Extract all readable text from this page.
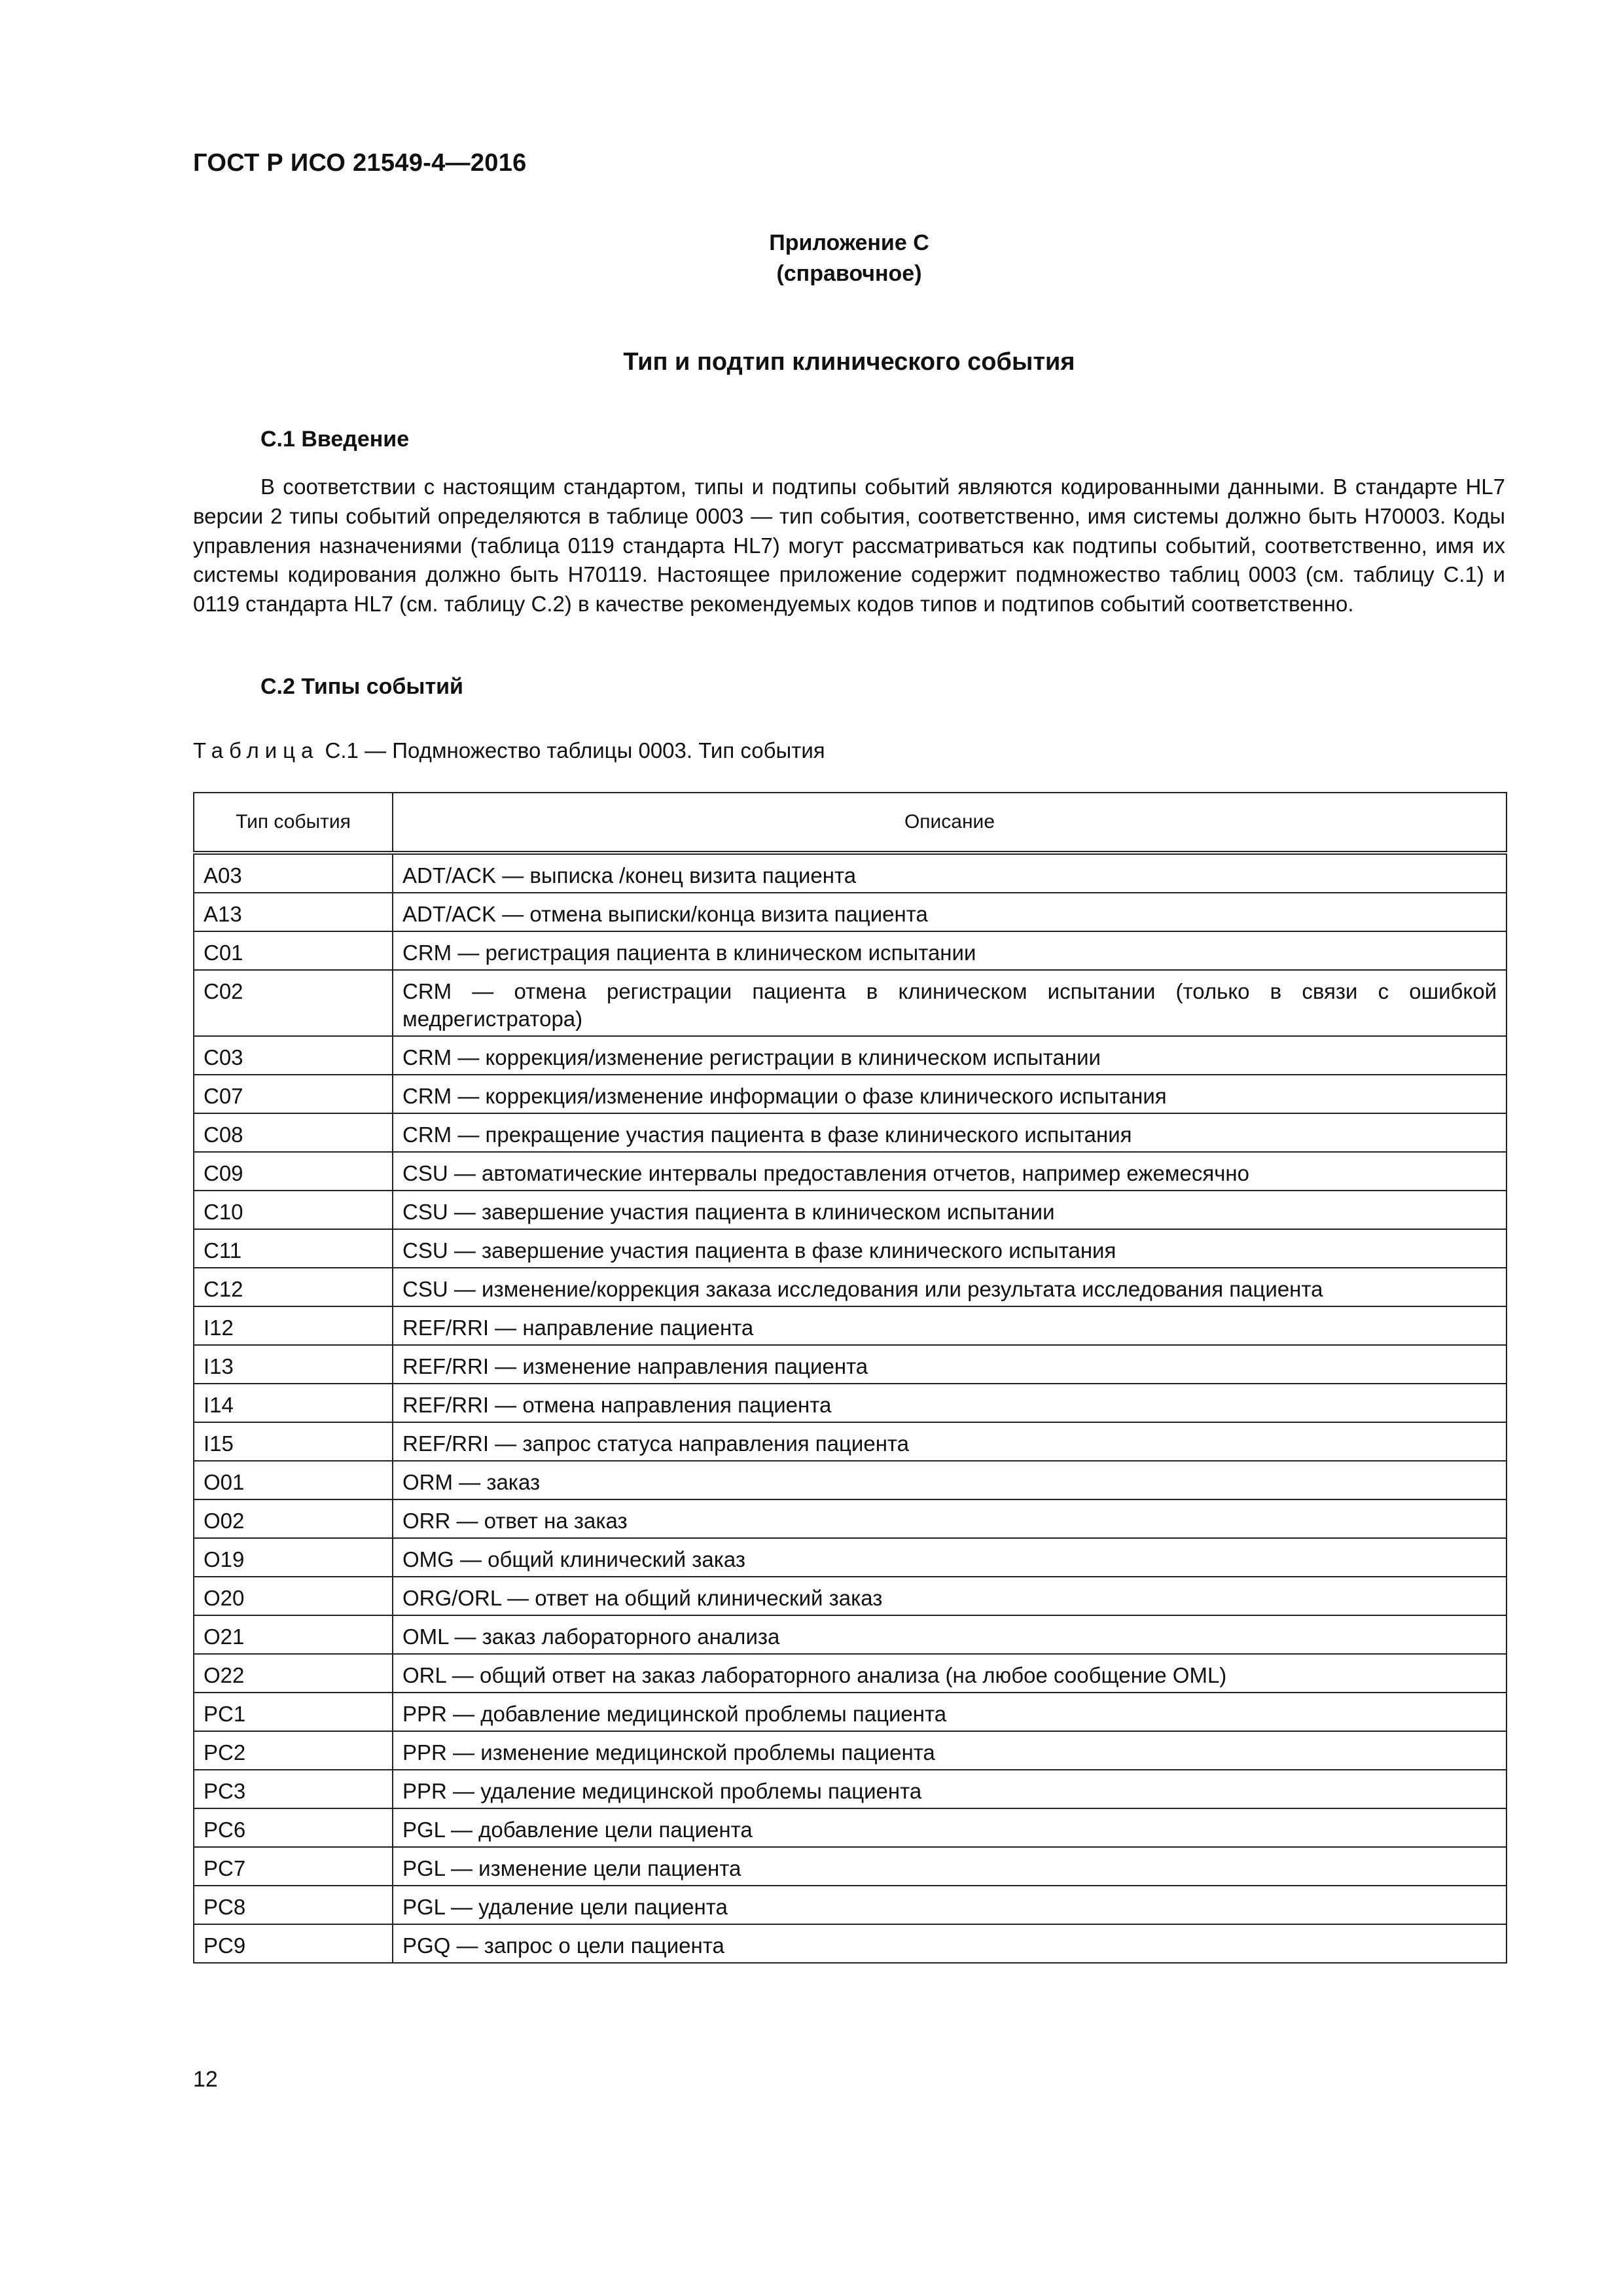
ГОСТ Р ИСО 21549-4—2016
Приложение С
(справочное)
Тип и подтип клинического события
С.1 Введение

В соответствии с настоящим стандартом, типы и подтипы событий являются кодированными данными. В стандарте HL7 версии 2 типы событий определяются в таблице 0003 — тип события, соответственно, имя системы должно быть H70003. Коды управления назначениями (таблица 0119 стандарта HL7) могут рассматриваться как подтипы событий, соответственно, имя их системы кодирования должно быть H70119. Настоящее приложение содержит подмножество таблиц 0003 (см. таблицу С.1) и 0119 стандарта HL7 (см. таблицу С.2) в качестве рекомендуемых кодов типов и подтипов событий соответственно.

С.2 Типы событий
Таблица С.1 — Подмножество таблицы 0003. Тип события
Тип события	Описание
A03	ADT/ACK — выписка /конец визита пациента
A13	ADT/ACK — отмена выписки/конца визита пациента
C01	CRM — регистрация пациента в клиническом испытании
C02	CRM — отмена регистрации пациента в клиническом испытании (только в связи с ошибкой медрегистратора)
C03	CRM — коррекция/изменение регистрации в клиническом испытании
C07	CRM — коррекция/изменение информации о фазе клинического испытания
C08	CRM — прекращение участия пациента в фазе клинического испытания
C09	CSU — автоматические интервалы предоставления отчетов, например ежемесячно
C10	CSU — завершение участия пациента в клиническом испытании
C11	CSU — завершение участия пациента в фазе клинического испытания
C12	CSU — изменение/коррекция заказа исследования или результата исследования пациента
I12	REF/RRI — направление пациента
I13	REF/RRI — изменение направления пациента
I14	REF/RRI — отмена направления пациента
I15	REF/RRI — запрос статуса направления пациента
O01	ORM — заказ
O02	ORR — ответ на заказ
O19	OMG — общий клинический заказ
O20	ORG/ORL — ответ на общий клинический заказ
O21	OML — заказ лабораторного анализа
O22	ORL — общий ответ на заказ лабораторного анализа (на любое сообщение OML)
PC1	PPR — добавление медицинской проблемы пациента
PC2	PPR — изменение медицинской проблемы пациента
PC3	PPR — удаление медицинской проблемы пациента
PC6	PGL — добавление цели пациента
PC7	PGL — изменение цели пациента
PC8	PGL — удаление цели пациента
PC9	PGQ — запрос о цели пациента
12
